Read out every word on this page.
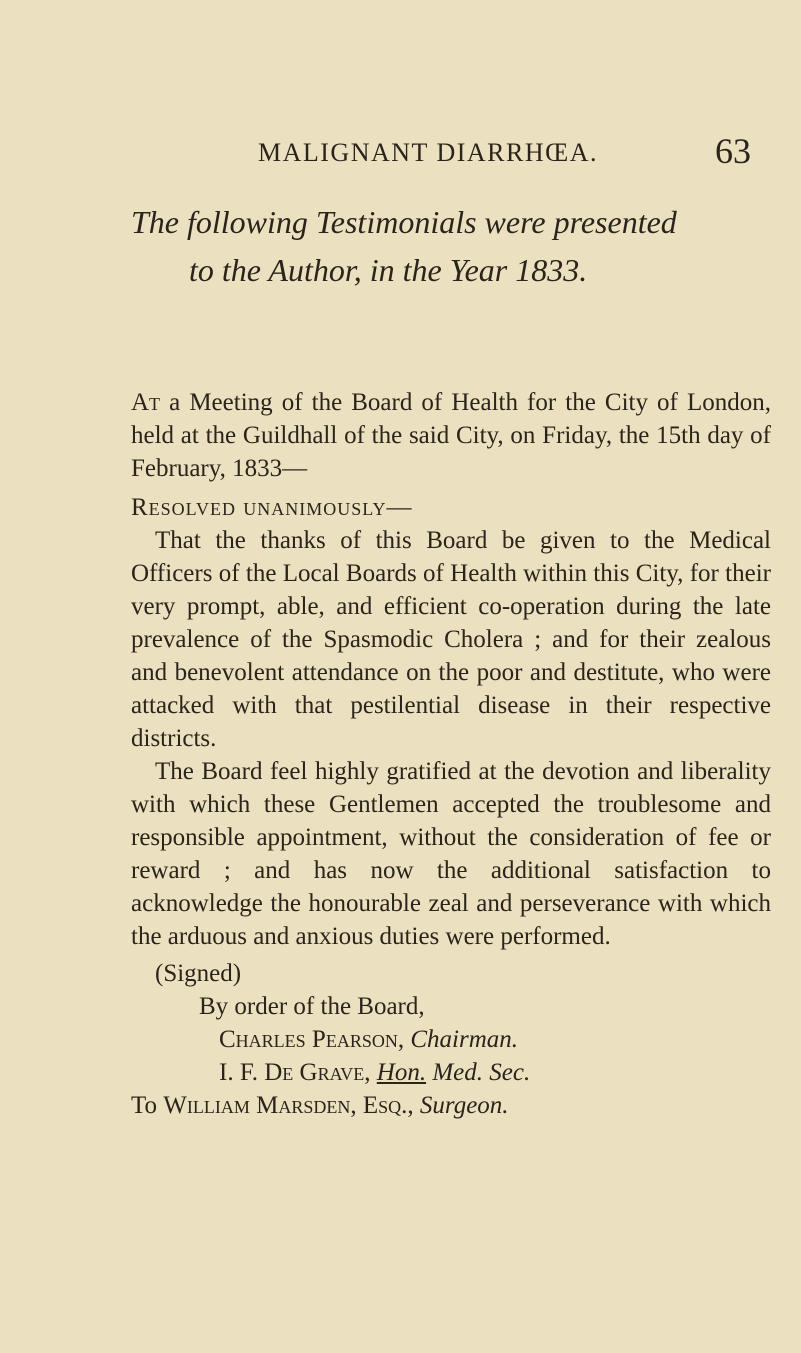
MALIGNANT DIARRHŒA.	63
The following Testimonials were presented
to the Author, in the Year 1833.

At a Meeting of the Board of Health for the City of London, held at the Guildhall of the said City, on Friday, the 15th day of February, 1833—

Resolved unanimously—

That the thanks of this Board be given to the Medical Officers of the Local Boards of Health within this City, for their very prompt, able, and efficient co-operation during the late prevalence of the Spasmodic Cholera ; and for their zealous and benevolent attendance on the poor and destitute, who were attacked with that pestilential disease in their respective districts.

The Board feel highly gratified at the devotion and liberality with which these Gentlemen accepted the troublesome and responsible appointment, without the consideration of fee or reward ; and has now the additional satisfaction to acknowledge the honourable zeal and perseverance with which the arduous and anxious duties were performed.

(Signed)

By order of the Board,

Charles Pearson, Chairman.

I. F. De Grave, Hon. Med. Sec.

To William Marsden, Esq., Surgeon.
